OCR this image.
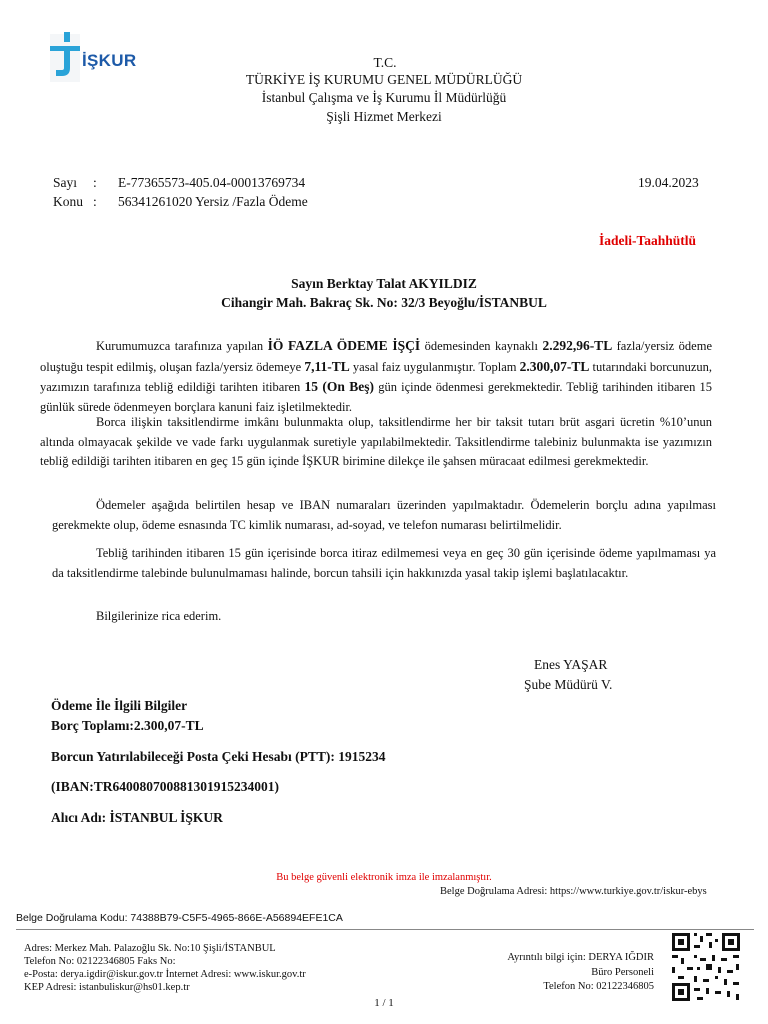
İŞKUR	T.C.
TÜRKİYE İŞ KURUMU GENEL MÜDÜRLÜĞÜ
İstanbul Çalışma ve İş Kurumu İl Müdürlüğü
Şişli Hizmet Merkezi
Sayı : E-77365573-405.04-00013769734
Konu : 56341261020 Yersiz /Fazla Ödeme
19.04.2023
İadeli-Taahhütlü
Sayın Berktay Talat AKYILDIZ
Cihangir Mah. Bakraç Sk. No: 32/3 Beyoğlu/İSTANBUL
Kurumumuzca tarafınıza yapılan İÖ FAZLA ÖDEME İŞÇİ ödemesinden kaynaklı 2.292,96-TL fazla/yersiz ödeme oluştuğu tespit edilmiş, oluşan fazla/yersiz ödemeye 7,11-TL yasal faiz uygulanmıştır. Toplam 2.300,07-TL tutarındaki borcunuzun, yazımızın tarafınıza tebliğ edildiği tarihten itibaren 15 (On Beş) gün içinde ödenmesi gerekmektedir. Tebliğ tarihinden itibaren 15 günlük sürede ödenmeyen borçlara kanuni faiz işletilmektedir.
Borca ilişkin taksitlendirme imkânı bulunmakta olup, taksitlendirme her bir taksit tutarı brüt asgari ücretin %10’unun altında olmayacak şekilde ve vade farkı uygulanmak suretiyle yapılabilmektedir. Taksitlendirme talebiniz bulunmakta ise yazımızın tebliğ edildiği tarihten itibaren en geç 15 gün içinde İŞKUR birimine dilekçe ile şahsen müracaat edilmesi gerekmektedir.
Ödemeler aşağıda belirtilen hesap ve IBAN numaraları üzerinden yapılmaktadır. Ödemelerin borçlu adına yapılması gerekmekte olup, ödeme esnasında TC kimlik numarası, ad-soyad, ve telefon numarası belirtilmelidir.
Tebliğ tarihinden itibaren 15 gün içerisinde borca itiraz edilmemesi veya en geç 30 gün içerisinde ödeme yapılmaması ya da taksitlendirme talebinde bulunulmaması halinde, borcun tahsili için hakkınızda yasal takip işlemi başlatılacaktır.
Bilgilerinize rica ederim.
Enes YAŞAR
Şube Müdürü V.
Ödeme İle İlgili Bilgiler
Borç Toplamı:2.300,07-TL
Borcun Yatırılabileceği Posta Çeki Hesabı (PTT): 1915234
(IBAN:TR640080700881301915234001)
Alıcı Adı: İSTANBUL İŞKUR
Bu belge güvenli elektronik imza ile imzalanmıştır.
Belge Doğrulama Adresi: https://www.turkiye.gov.tr/iskur-ebys
Belge Doğrulama Kodu: 74388B79-C5F5-4965-866E-A56894EFE1CA
Adres: Merkez Mah. Palazoğlu Sk. No:10 Şişli/İSTANBUL
Telefon No: 02122346805 Faks No:
e-Posta: derya.igdir@iskur.gov.tr İnternet Adresi: www.iskur.gov.tr
KEP Adresi: istanbuliskur@hs01.kep.tr
Ayrıntılı bilgi için: DERYA IĞDIR
Büro Personeli
Telefon No: 02122346805
1 / 1
